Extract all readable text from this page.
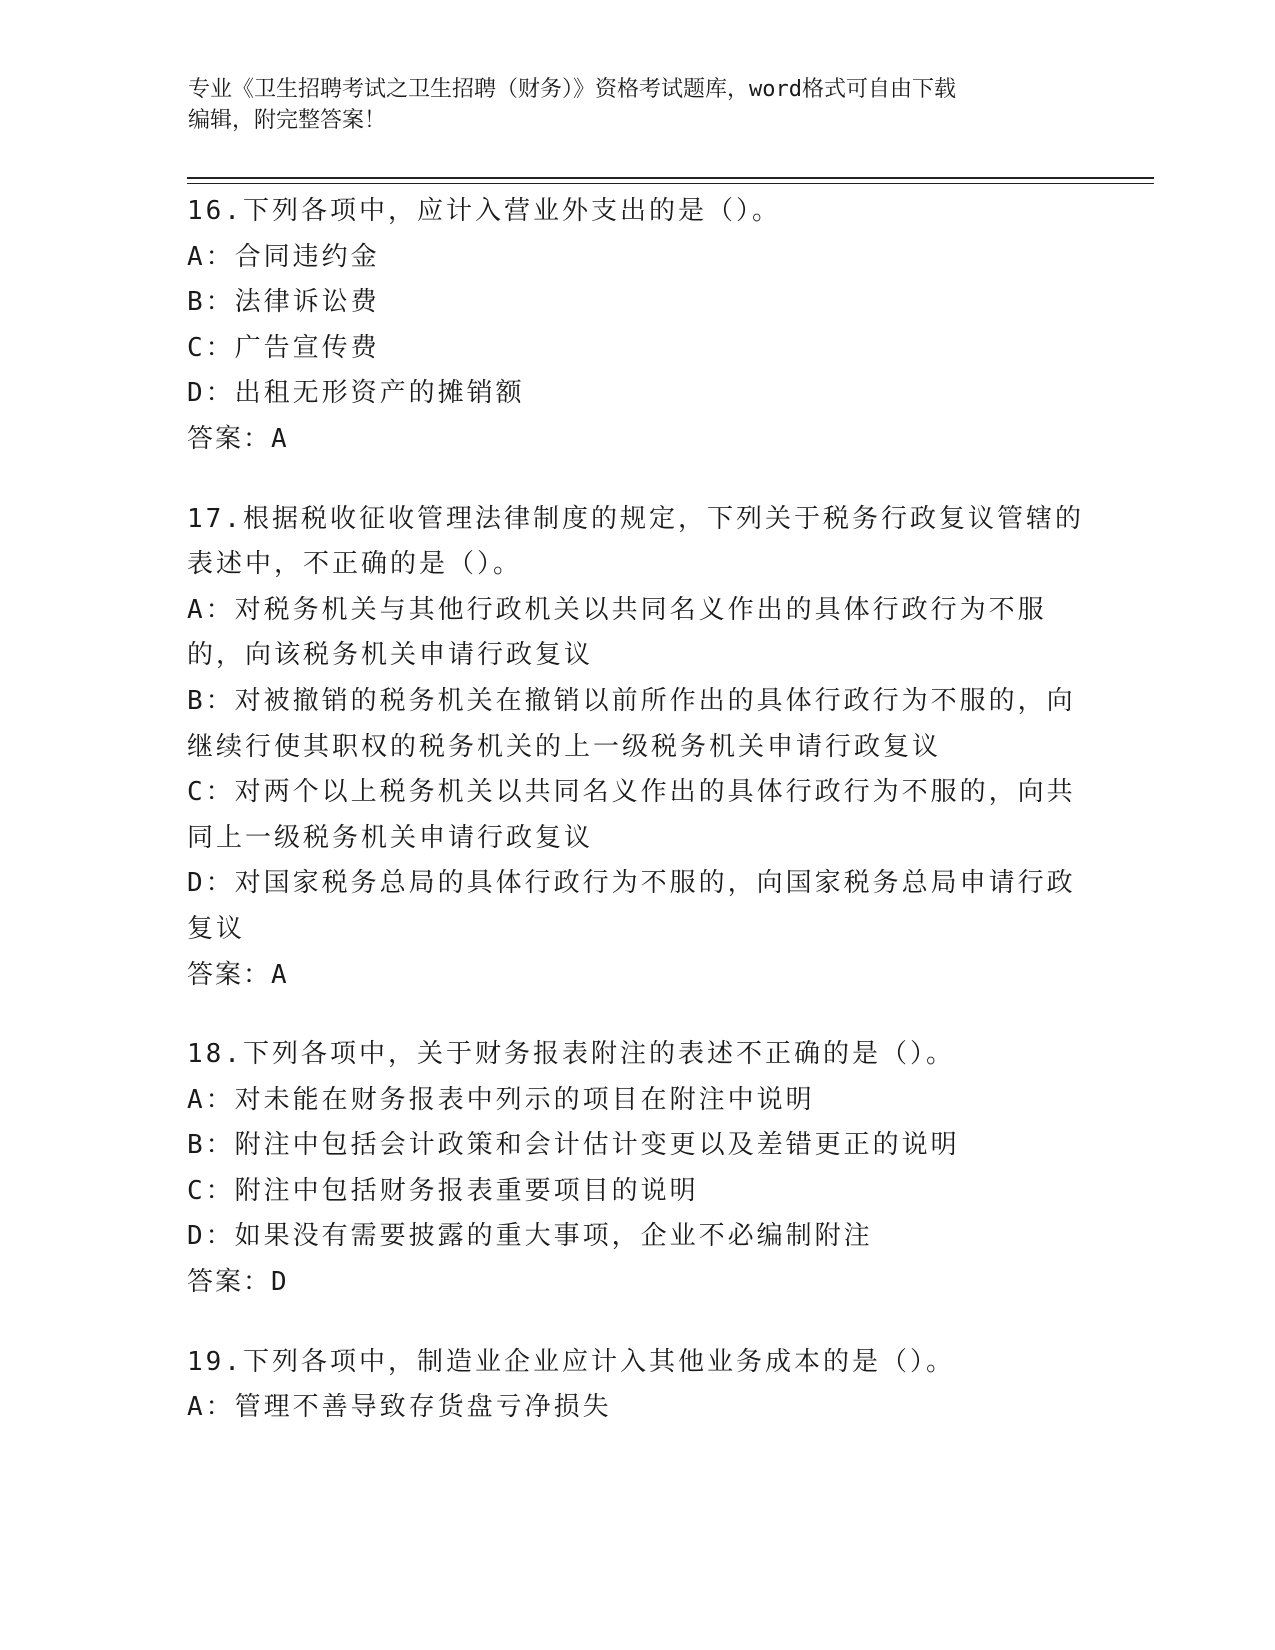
专业《卫生招聘考试之卫生招聘（财务）》资格考试题库，word格式可自由下载
编辑，附完整答案！
16.下列各项中，应计入营业外支出的是（）。
A：合同违约金
B：法律诉讼费
C：广告宣传费
D：出租无形资产的摊销额
答案：A
17.根据税收征收管理法律制度的规定，下列关于税务行政复议管辖的表述中，不正确的是（）。
A：对税务机关与其他行政机关以共同名义作出的具体行政行为不服的，向该税务机关申请行政复议
B：对被撤销的税务机关在撤销以前所作出的具体行政行为不服的，向继续行使其职权的税务机关的上一级税务机关申请行政复议
C：对两个以上税务机关以共同名义作出的具体行政行为不服的，向共同上一级税务机关申请行政复议
D：对国家税务总局的具体行政行为不服的，向国家税务总局申请行政复议
答案：A
18.下列各项中，关于财务报表附注的表述不正确的是（）。
A：对未能在财务报表中列示的项目在附注中说明
B：附注中包括会计政策和会计估计变更以及差错更正的说明
C：附注中包括财务报表重要项目的说明
D：如果没有需要披露的重大事项，企业不必编制附注
答案：D
19.下列各项中，制造业企业应计入其他业务成本的是（）。
A：管理不善导致存货盘亏净损失
